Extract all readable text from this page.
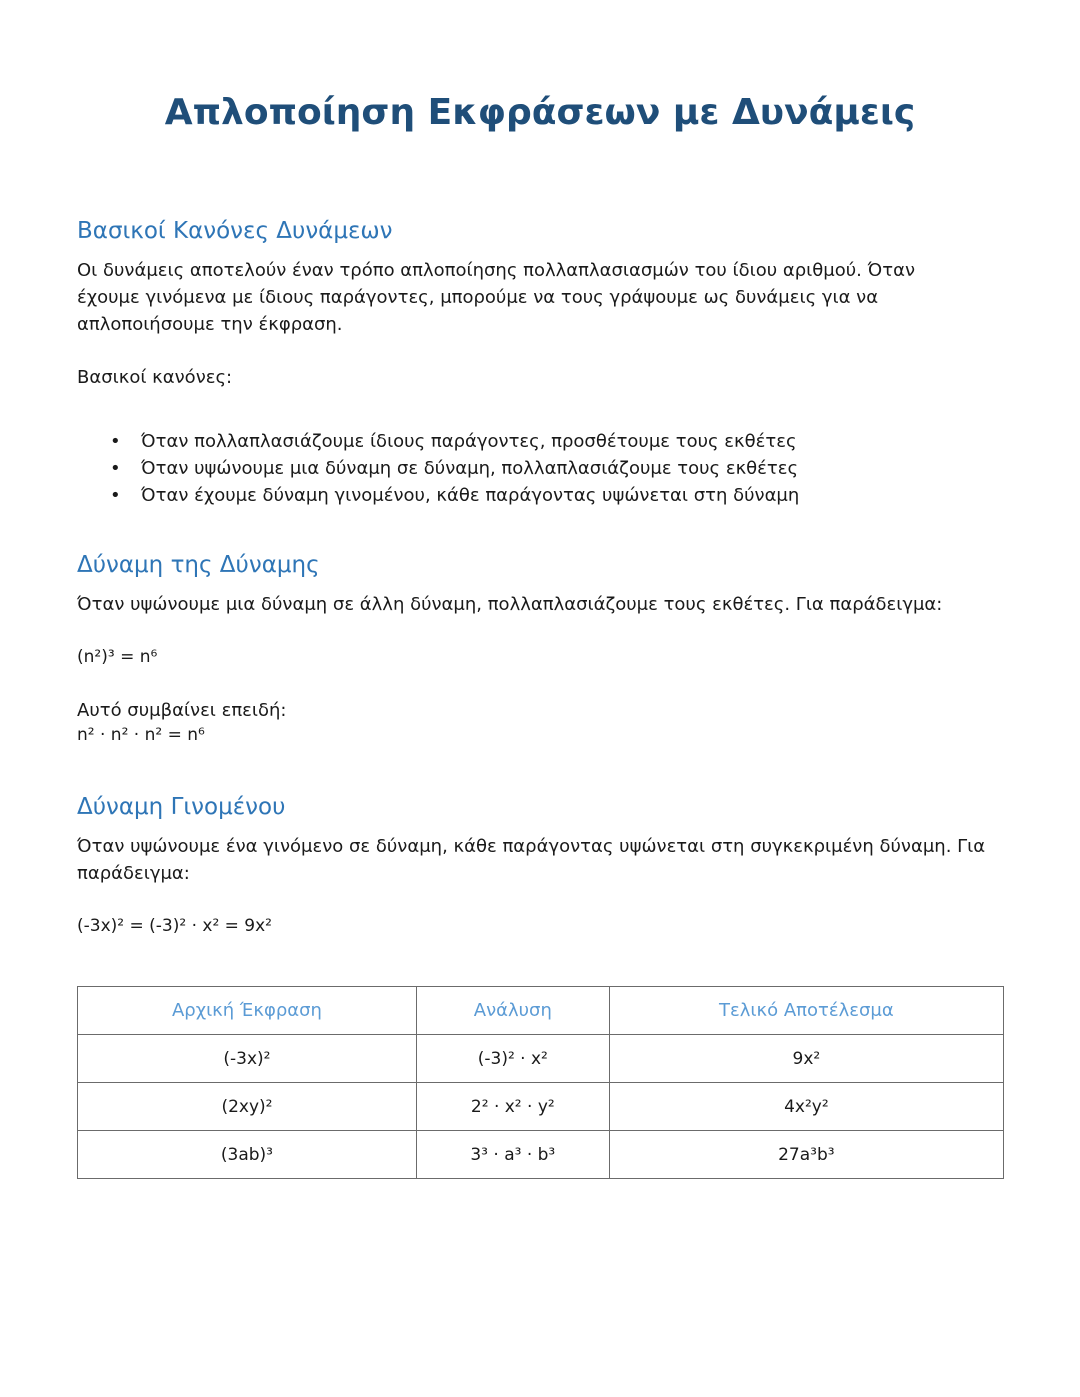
Απλοποίηση Εκφράσεων με Δυνάμεις
Βασικοί Κανόνες Δυνάμεων
Οι δυνάμεις αποτελούν έναν τρόπο απλοποίησης πολλαπλασιασμών του ίδιου αριθμού. Όταν
έχουμε γινόμενα με ίδιους παράγοντες, μπορούμε να τους γράψουμε ως δυνάμεις για να
απλοποιήσουμε την έκφραση.
Βασικοί κανόνες:
• Όταν πολλαπλασιάζουμε ίδιους παράγοντες, προσθέτουμε τους εκθέτες
• Όταν υψώνουμε μια δύναμη σε δύναμη, πολλαπλασιάζουμε τους εκθέτες
• Όταν έχουμε δύναμη γινομένου, κάθε παράγοντας υψώνεται στη δύναμη
Δύναμη της Δύναμης
Όταν υψώνουμε μια δύναμη σε άλλη δύναμη, πολλαπλασιάζουμε τους εκθέτες. Για παράδειγμα:
(n²)³ = n⁶
Αυτό συμβαίνει επειδή:
n² · n² · n² = n⁶
Δύναμη Γινομένου
Όταν υψώνουμε ένα γινόμενο σε δύναμη, κάθε παράγοντας υψώνεται στη συγκεκριμένη δύναμη. Για
παράδειγμα:
(-3x)² = (-3)² · x² = 9x²
Αρχική Έκφραση	Ανάλυση	Τελικό Αποτέλεσμα
(-3x)²	(-3)² · x²	9x²
(2xy)²	2² · x² · y²	4x²y²
(3ab)³	3³ · a³ · b³	27a³b³
